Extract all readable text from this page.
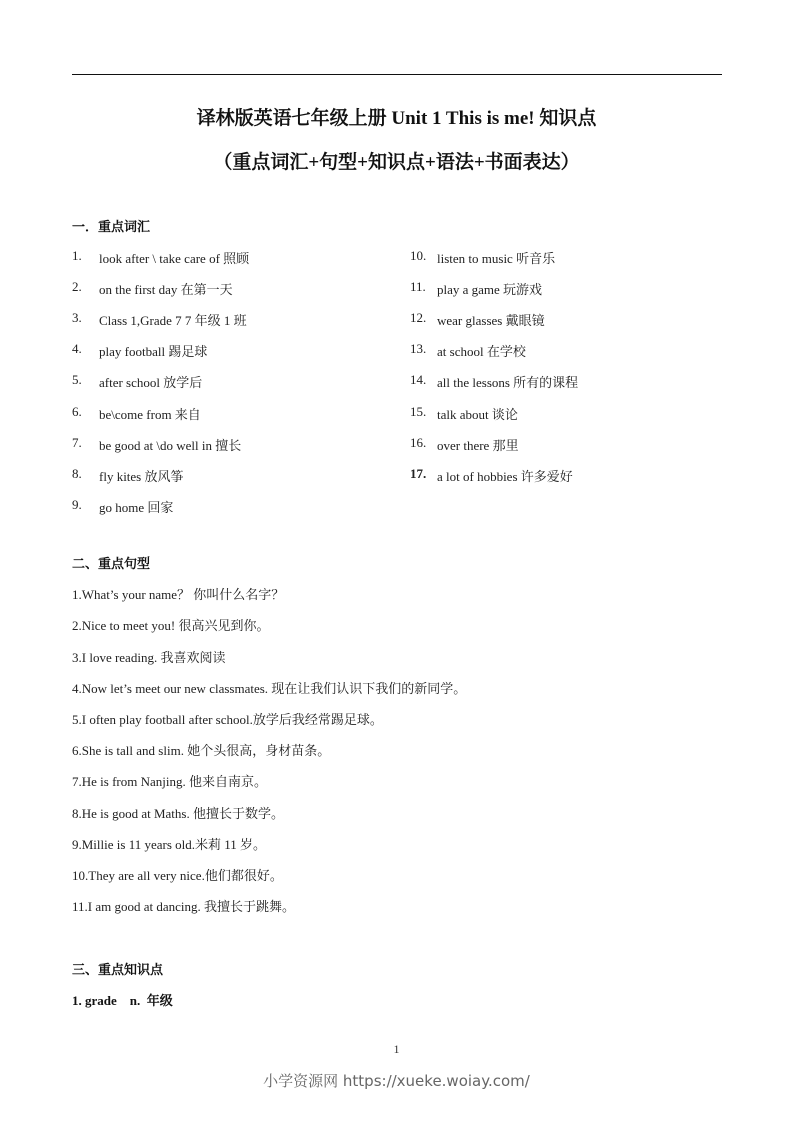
译林版英语七年级上册 Unit 1 This is me! 知识点
（重点词汇+句型+知识点+语法+书面表达）
一．重点词汇
1. look after \ take care of 照顾
2. on the first day 在第一天
3. Class 1,Grade 7 7 年级 1 班
4. play football 踢足球
5. after school 放学后
6. be\come from 来自
7. be good at \do well in 擅长
8. fly kites 放风筝
9. go home 回家
10. listen to music 听音乐
11. play a game 玩游戏
12. wear glasses 戴眼镜
13. at school 在学校
14. all the lessons 所有的课程
15. talk about 谈论
16. over there 那里
17. a lot of hobbies 许多爱好
二、重点句型
1.What’s your name？ 你叫什么名字？
2.Nice to meet you! 很高兴见到你。
3.I love reading. 我喜欢阅读
4.Now let’s meet our new classmates. 现在让我们认识下我们的新同学。
5.I often play football after school.放学后我经常踢足球。
6.She is tall and slim. 她个头很高，身材苗条。
7.He is from Nanjing. 他来自南京。
8.He is good at Maths. 他擅长于数学。
9.Millie is 11 years old.米莉 11 岁。
10.They are all very nice.他们都很好。
11.I am good at dancing. 我擅长于跳舞。
三、重点知识点
1. grade    n.  年级
1
小学资源网 https://xueke.woiay.com/
